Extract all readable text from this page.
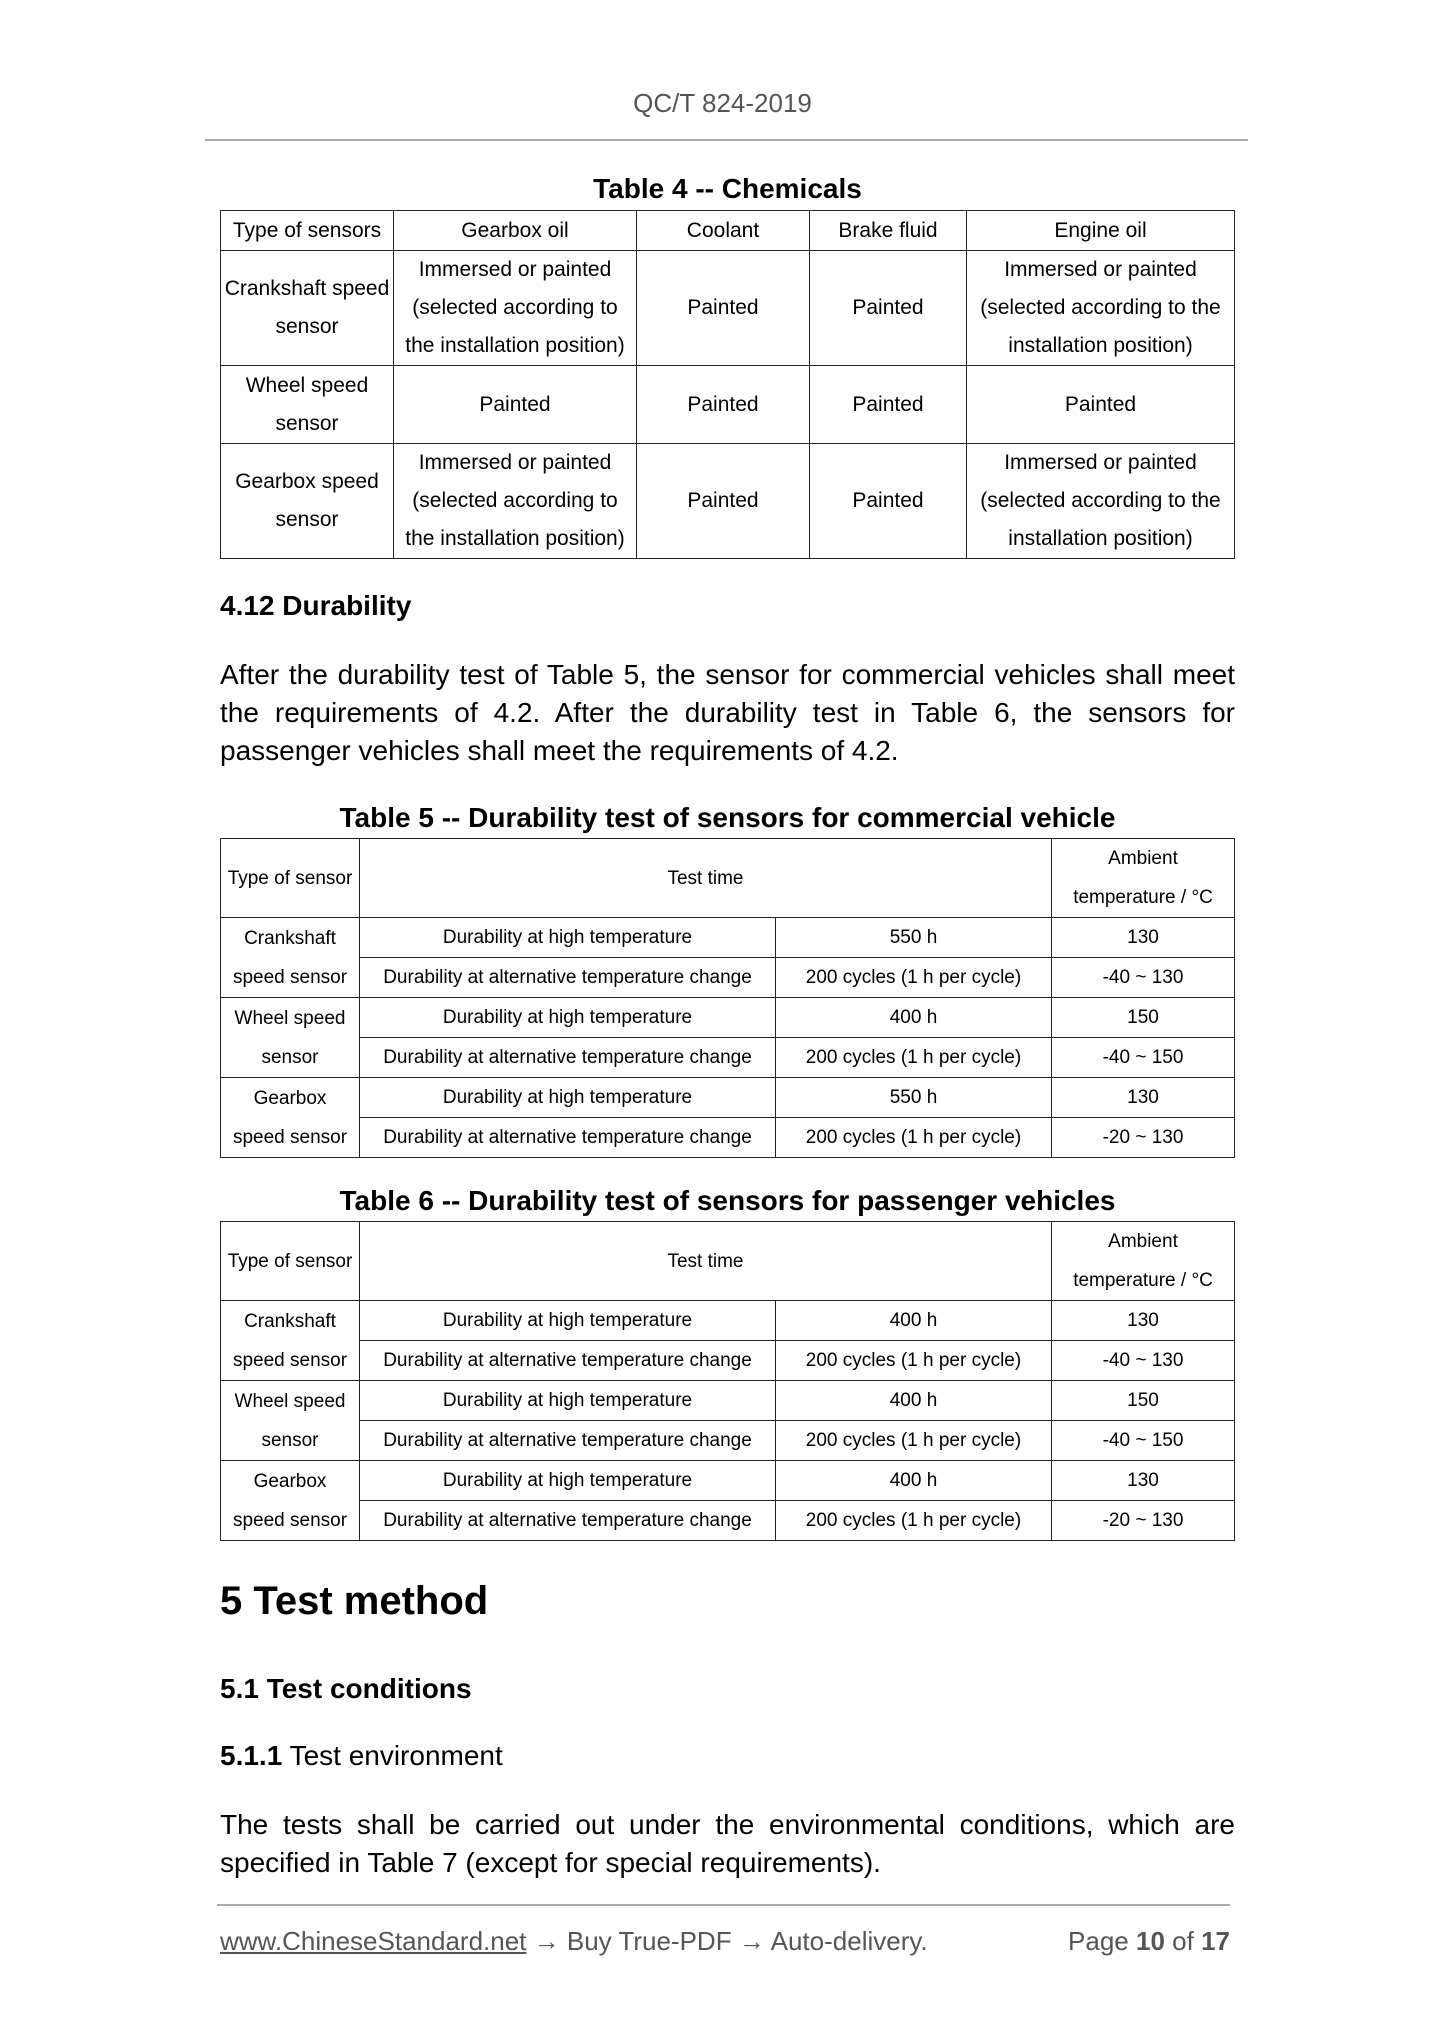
QC/T 824-2019
Table 4 -- Chemicals
Type of sensors	Gearbox oil	Coolant	Brake fluid	Engine oil
Crankshaft speed sensor	Immersed or painted (selected according to the installation position)	Painted	Painted	Immersed or painted (selected according to the installation position)
Wheel speed sensor	Painted	Painted	Painted	Painted
Gearbox speed sensor	Immersed or painted (selected according to the installation position)	Painted	Painted	Immersed or painted (selected according to the installation position)
4.12 Durability
After the durability test of Table 5, the sensor for commercial vehicles shall meet the requirements of 4.2. After the durability test in Table 6, the sensors for passenger vehicles shall meet the requirements of 4.2.
Table 5 -- Durability test of sensors for commercial vehicle
Type of sensor	Test time		Ambient temperature / °C

Crankshaft
speed sensor	Durability at high temperature	550 h	130
	Durability at alternative temperature change	200 cycles (1 h per cycle)	-40 ~ 130

Wheel speed
sensor	Durability at high temperature	400 h	150
	Durability at alternative temperature change	200 cycles (1 h per cycle)	-40 ~ 150

Gearbox
speed sensor	Durability at high temperature	550 h	130
	Durability at alternative temperature change	200 cycles (1 h per cycle)	-20 ~ 130
Table 6 -- Durability test of sensors for passenger vehicles
Type of sensor	Test time		Ambient temperature / °C

Crankshaft
speed sensor	Durability at high temperature	400 h	130
	Durability at alternative temperature change	200 cycles (1 h per cycle)	-40 ~ 130

Wheel speed
sensor	Durability at high temperature	400 h	150
	Durability at alternative temperature change	200 cycles (1 h per cycle)	-40 ~ 150

Gearbox
speed sensor	Durability at high temperature	400 h	130
	Durability at alternative temperature change	200 cycles (1 h per cycle)	-20 ~ 130
5 Test method
5.1 Test conditions
5.1.1 Test environment
The tests shall be carried out under the environmental conditions, which are specified in Table 7 (except for special requirements).
www.ChineseStandard.net → Buy True-PDF → Auto-delivery.	Page 10 of 17
